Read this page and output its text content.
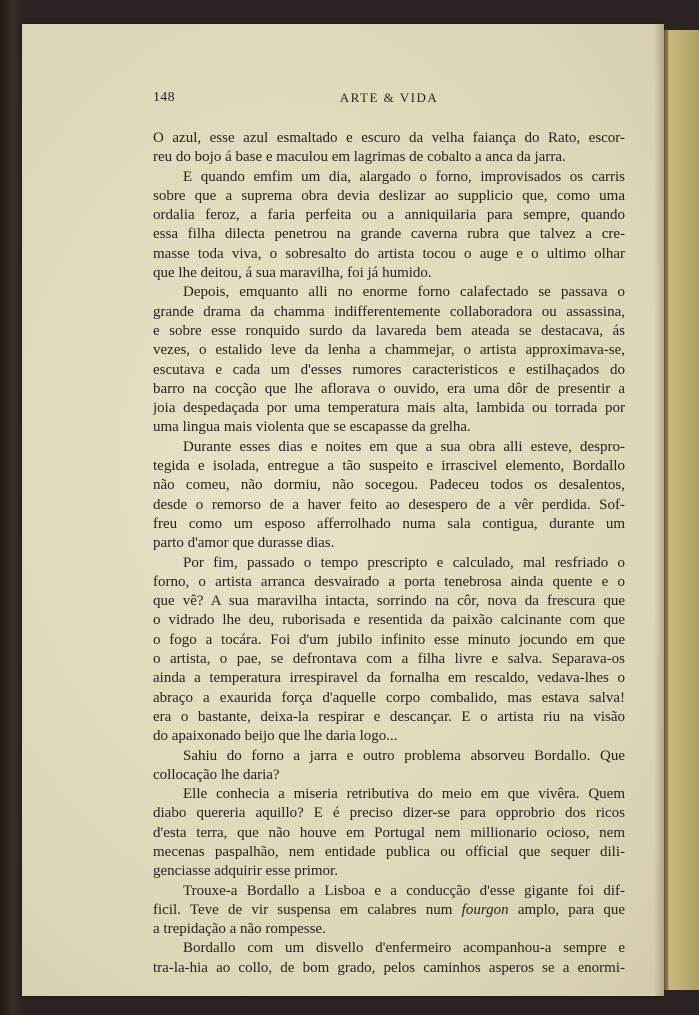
148	ARTE & VIDA
O azul, esse azul esmaltado e escuro da velha faiança do Rato, escor-
reu do bojo á base e maculou em lagrimas de cobalto a anca da jarra.
E quando emfim um dia, alargado o forno, improvisados os carris
sobre que a suprema obra devia deslizar ao supplicio que, como uma
ordalia feroz, a faria perfeita ou a anniquilaria para sempre, quando
essa filha dilecta penetrou na grande caverna rubra que talvez a cre-
masse toda viva, o sobresalto do artista tocou o auge e o ultimo olhar
que lhe deitou, á sua maravilha, foi já humido.
Depois, emquanto alli no enorme forno calafectado se passava o
grande drama da chamma indifferentemente collaboradora ou assassina,
e sobre esse ronquido surdo da lavareda bem ateada se destacava, ás
vezes, o estalido leve da lenha a chammejar, o artista approximava-se,
escutava e cada um d'esses rumores caracteristicos e estilhaçados do
barro na cocção que lhe aflorava o ouvido, era uma dôr de presentir a
joia despedaçada por uma temperatura mais alta, lambida ou torrada por
uma lingua mais violenta que se escapasse da grelha.
Durante esses dias e noites em que a sua obra alli esteve, despro-
tegida e isolada, entregue a tão suspeito e irrascivel elemento, Bordallo
não comeu, não dormiu, não socegou. Padeceu todos os desalentos,
desde o remorso de a haver feito ao desespero de a vêr perdida. Sof-
freu como um esposo afferrolhado numa sala contigua, durante um
parto d'amor que durasse dias.
Por fim, passado o tempo prescripto e calculado, mal resfriado o
forno, o artista arranca desvairado a porta tenebrosa ainda quente e o
que vê? A sua maravilha intacta, sorrindo na côr, nova da frescura que
o vidrado lhe deu, ruborisada e resentida da paixão calcinante com que
o fogo a tocára. Foi d'um jubilo infinito esse minuto jocundo em que
o artista, o pae, se defrontava com a filha livre e salva. Separava-os
ainda a temperatura irrespiravel da fornalha em rescaldo, vedava-lhes o
abraço a exaurida força d'aquelle corpo combalido, mas estava salva!
era o bastante, deixa-la respirar e descançar. E o artista riu na visão
do apaixonado beijo que lhe daria logo...
Sahiu do forno a jarra e outro problema absorveu Bordallo. Que
collocação lhe daria?
Elle conhecia a miseria retributiva do meio em que vivêra. Quem
diabo quereria aquillo? E é preciso dizer-se para opprobrio dos ricos
d'esta terra, que não houve em Portugal nem millionario ocioso, nem
mecenas paspalhão, nem entidade publica ou official que sequer dili-
genciasse adquirir esse primor.
Trouxe-a Bordallo a Lisboa e a conducção d'esse gigante foi dif-
ficil. Teve de vir suspensa em calabres num fourgon amplo, para que
a trepidação a não rompesse.
Bordallo com um disvello d'enfermeiro acompanhou-a sempre e
tra-la-hia ao collo, de bom grado, pelos caminhos asperos se a enormi-
